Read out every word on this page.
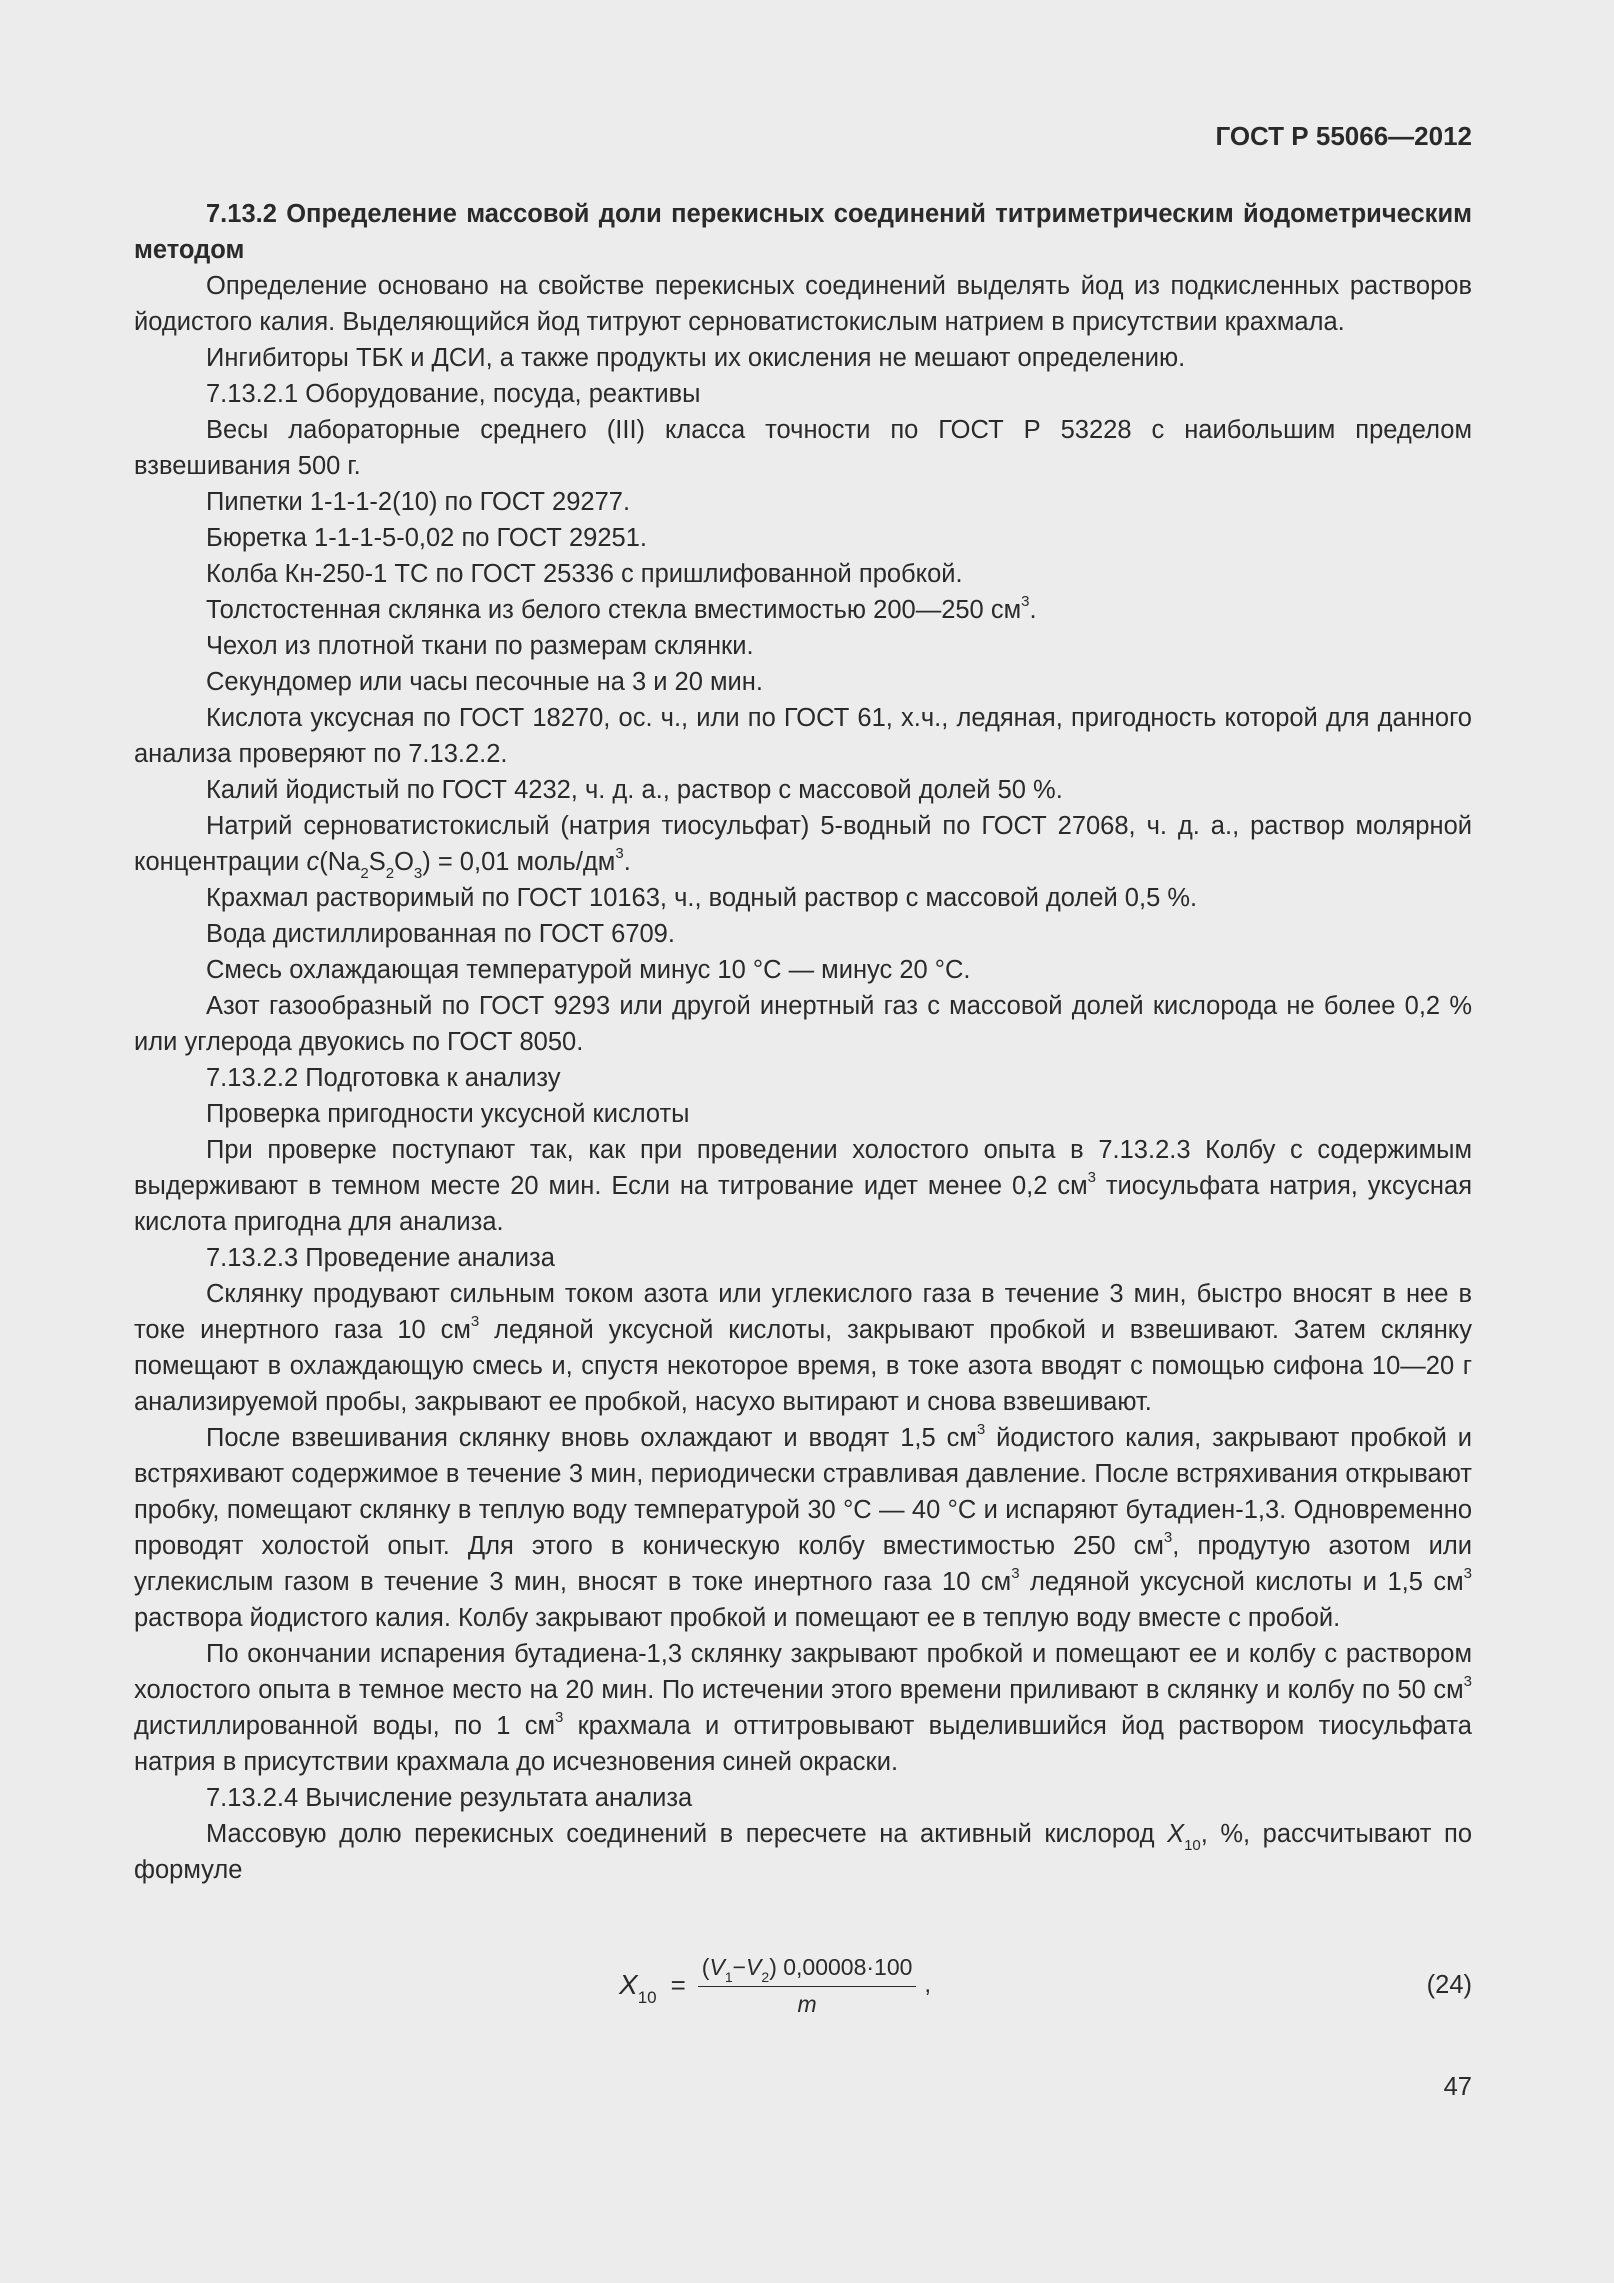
ГОСТ Р 55066—2012

7.13.2 Определение массовой доли перекисных соединений титриметрическим йодометрическим методом

Определение основано на свойстве перекисных соединений выделять йод из подкисленных растворов йодистого калия. Выделяющийся йод титруют серноватистокислым натрием в присутствии крахмала.

Ингибиторы ТБК и ДСИ, а также продукты их окисления не мешают определению.

7.13.2.1 Оборудование, посуда, реактивы

Весы лабораторные среднего (III) класса точности по ГОСТ Р 53228 с наибольшим пределом взвешивания 500 г.

Пипетки 1-1-1-2(10) по ГОСТ 29277.

Бюретка 1-1-1-5-0,02 по ГОСТ 29251.

Колба Кн-250-1 ТС по ГОСТ 25336 с пришлифованной пробкой.

Толстостенная склянка из белого стекла вместимостью 200—250 $см^3$.

Чехол из плотной ткани по размерам склянки.

Секундомер или часы песочные на 3 и 20 мин.

Кислота уксусная по ГОСТ 18270, ос. ч., или по ГОСТ 61, х.ч., ледяная, пригодность которой для данного анализа проверяют по 7.13.2.2.

Калий йодистый по ГОСТ 4232, ч. д. а., раствор с массовой долей 50 %.

Натрий серноватистокислый (натрия тиосульфат) 5-водный по ГОСТ 27068, ч. д. а., раствор молярной концентрации $c(Na_2S_2O_3) = 0,01$ моль/$дм^3$.

Крахмал растворимый по ГОСТ 10163, ч., водный раствор с массовой долей 0,5 %.

Вода дистиллированная по ГОСТ 6709.

Смесь охлаждающая температурой минус 10 °С — минус 20 °С.

Азот газообразный по ГОСТ 9293 или другой инертный газ с массовой долей кислорода не более 0,2 % или углерода двуокись по ГОСТ 8050.

7.13.2.2 Подготовка к анализу

Проверка пригодности уксусной кислоты

При проверке поступают так, как при проведении холостого опыта в 7.13.2.3 Колбу с содержимым выдерживают в темном месте 20 мин. Если на титрование идет менее 0,2 $см^3$ тиосульфата натрия, уксусная кислота пригодна для анализа.

7.13.2.3 Проведение анализа

Склянку продувают сильным током азота или углекислого газа в течение 3 мин, быстро вносят в нее в токе инертного газа 10 $см^3$ ледяной уксусной кислоты, закрывают пробкой и взвешивают. Затем склянку помещают в охлаждающую смесь и, спустя некоторое время, в токе азота вводят с помощью сифона 10—20 г анализируемой пробы, закрывают ее пробкой, насухо вытирают и снова взвешивают.

После взвешивания склянку вновь охлаждают и вводят 1,5 $см^3$ йодистого калия, закрывают пробкой и встряхивают содержимое в течение 3 мин, периодически стравливая давление. После встряхивания открывают пробку, помещают склянку в теплую воду температурой 30 °С — 40 °С и испаряют бутадиен-1,3. Одновременно проводят холостой опыт. Для этого в коническую колбу вместимостью 250 $см^3$, продутую азотом или углекислым газом в течение 3 мин, вносят в токе инертного газа 10 $см^3$ ледяной уксусной кислоты и 1,5 $см^3$ раствора йодистого калия. Колбу закрывают пробкой и помещают ее в теплую воду вместе с пробой.

По окончании испарения бутадиена-1,3 склянку закрывают пробкой и помещают ее и колбу с раствором холостого опыта в темное место на 20 мин. По истечении этого времени приливают в склянку и колбу по 50 $см^3$ дистиллированной воды, по 1 $см^3$ крахмала и оттитровывают выделившийся йод раствором тиосульфата натрия в присутствии крахмала до исчезновения синей окраски.

7.13.2.4 Вычисление результата анализа

Массовую долю перекисных соединений в пересчете на активный кислород $X_{10}$, %, рассчитывают по формуле

$X_{10} = \frac{(V_1-V_2) 0,00008\cdot 100}{m}$ ,	(24)
47
